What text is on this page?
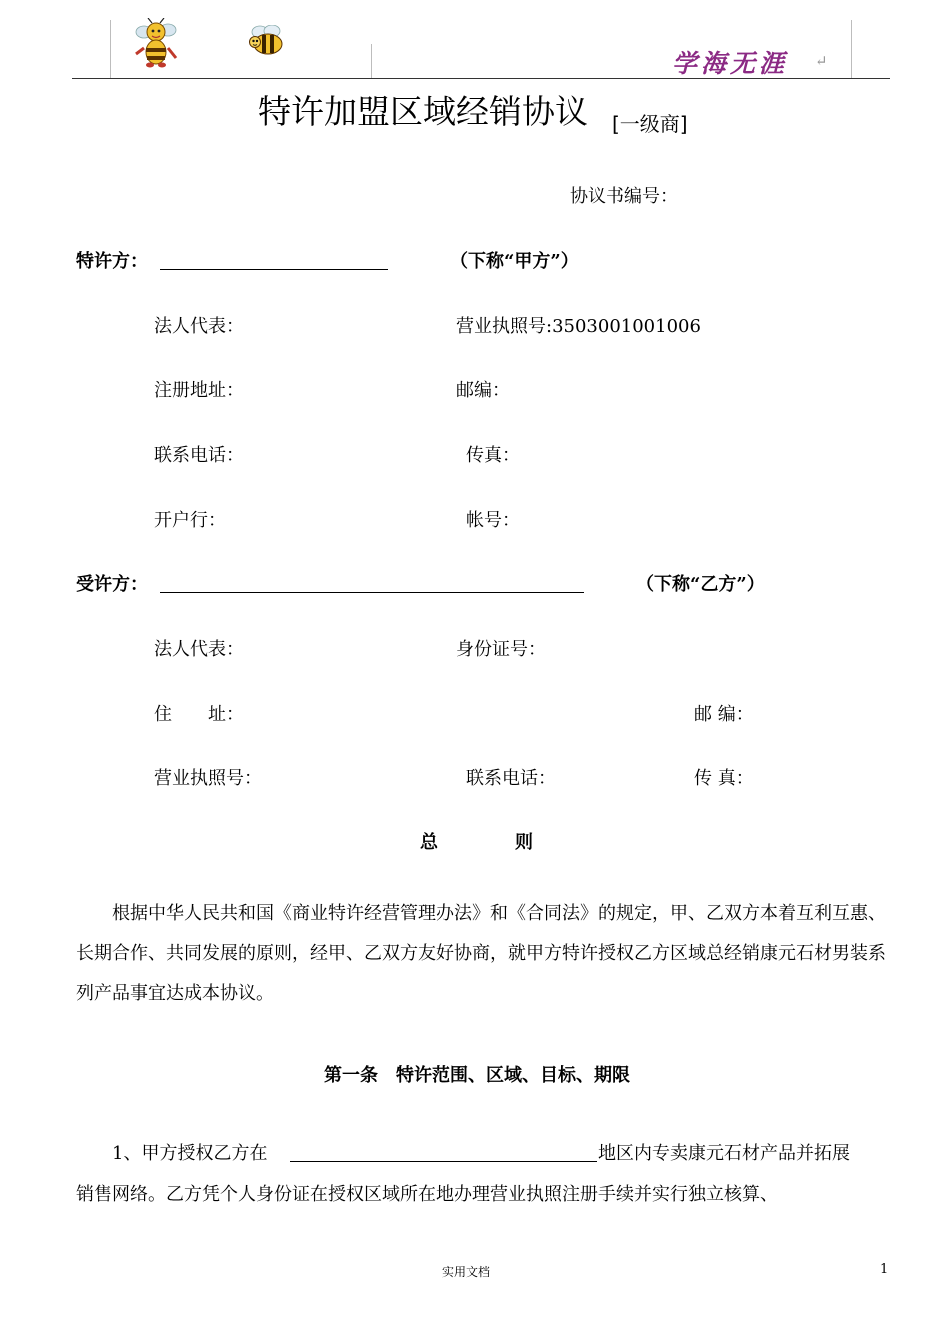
学海无涯 ↵
特许加盟区域经销协议 [一级商]
协议书编号：
特许方：	（下称“甲方”）
法人代表：	营业执照号:3503001001006
注册地址：	邮编：
联系电话：	传真：
开户行：	帐号：
受许方：	（下称“乙方”）
法人代表：	身份证号：
住　　址：	邮 编：
营业执照号：	联系电话：	传 真：
总　　　　则
根据中华人民共和国《商业特许经营管理办法》和《合同法》的规定，甲、乙双方本着互利互惠、长期合作、共同发展的原则，经甲、乙双方友好协商，就甲方特许授权乙方区域总经销康元石材男装系列产品事宜达成本协议。
第一条　特许范围、区域、目标、期限
1、甲方授权乙方在	地区内专卖康元石材产品并拓展
销售网络。乙方凭个人身份证在授权区域所在地办理营业执照注册手续并实行独立核算、
实用文档	1
